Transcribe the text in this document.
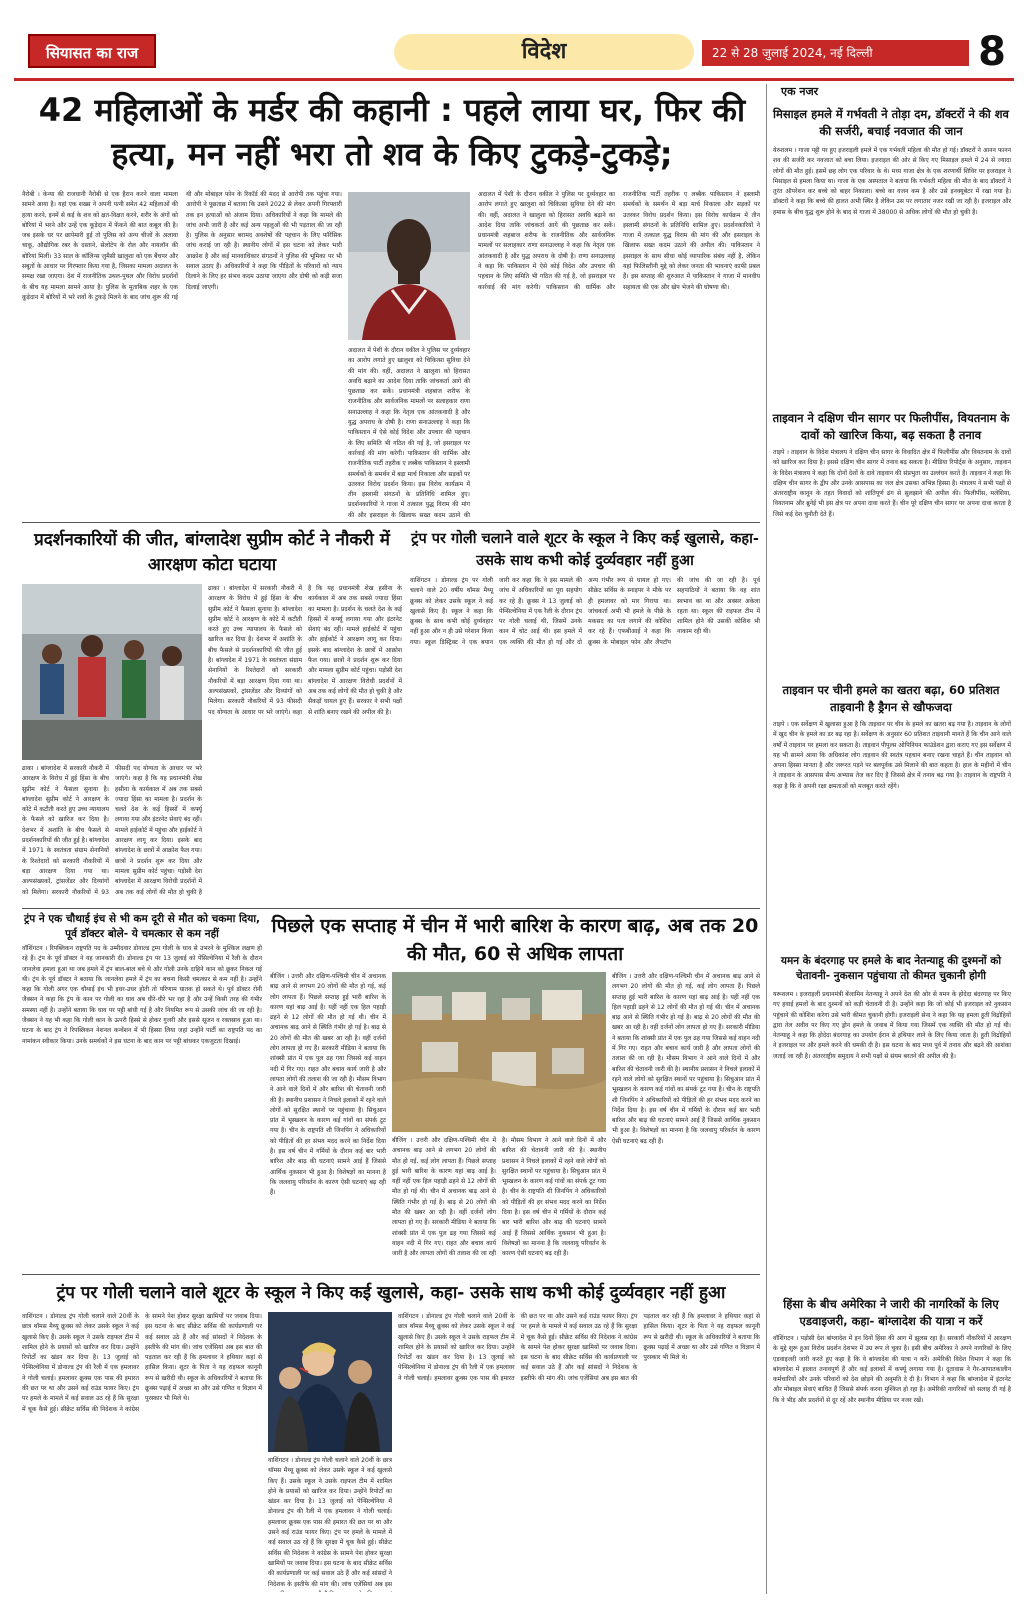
सियासत का राज	विदेश	22 से 28 जुलाई 2024, नई दिल्ली	8
42 महिलाओं के मर्डर की कहानी : पहले लाया घर, फिर की हत्या, मन नहीं भरा तो शव के किए टुकड़े-टुकड़े;
नैरोबी । केन्या की राजधानी नैरोबी से एक हैरान करने वाला मामला सामने आया है। यहां एक शख्स ने अपनी पत्नी समेत 42 महिलाओं की हत्या करने, इनमें से कई के शव को क्षत-विक्षत करने, शरीर के अंगों को बोरियां में भरने और उन्हें एक कूड़ेदान में फेंकने की बात कबूल की है। जब इसके घर पर छापेमारी हुई तो पुलिस को अन्य चीजों के अलावा चाकू, औद्योगिक रबर के दस्ताने, सेलोटेप के रोल और नायलॉन की बोरियां मिलीं। 33 साल के कॉलिन्स जुमैसी खालुशा को एक बैंचपर और सबूतों के आधार पर गिरफ्तार किया गया है, जिसका मामला अदालत के समक्ष रखा जाएगा। देश में राजनीतिक उथल-पुथल और विरोध प्रदर्शनों के बीच यह मामला सामने आया है। पुलिस के मुताबिक शहर के एक कूड़ेदान में बोरियों में भरे शवों के टुकड़े मिलने के बाद जांच शुरू की गई थी और मोबाइल फोन के रिकॉर्ड की मदद से आरोपी तक पहुंचा गया। आरोपी ने पूछताछ में बताया कि उसने 2022 से लेकर अपनी गिरफ्तारी तक इन हत्याओं को अंजाम दिया। अधिकारियों ने कहा कि मामले की जांच अभी जारी है और कई अन्य पहलुओं की भी पड़ताल की जा रही है। पुलिस के अनुसार बरामद अवशेषों की पहचान के लिए फॉरेंसिक जांच कराई जा रही है। स्थानीय लोगों में इस घटना को लेकर भारी आक्रोश है और कई मानवाधिकार संगठनों ने पुलिस की भूमिका पर भी सवाल उठाए हैं। अधिकारियों ने कहा कि पीड़ितों के परिवारों को न्याय दिलाने के लिए हर संभव कदम उठाया जाएगा और दोषी को कड़ी सजा दिलाई जाएगी।
अदालत में पेशी के दौरान वकील ने पुलिस पर दुर्व्यवहार का आरोप लगाते हुए खालुशा को चिकित्सा सुविधा देने की मांग की। वहीं, अदालत ने खालुशा को हिरासत अवधि बढ़ाने का आदेश दिया ताकि जांचकर्ता आगे की पूछताछ कर सकें। प्रधानमंत्री शहबाज शरीफ के राजनीतिक और सार्वजनिक मामलों पर सलाहकार राणा सनाउल्लाह ने कहा कि नेतृत्व एक आंतकवादी है और युद्ध अपराध के दोषी है। राणा सनाउल्लाह ने कहा कि पाकिस्तान में ऐसे कोई विदेश और उपचार की पहचान के लिए समिति भी गठित की गई है, जो इसराइल पर कार्रवाई की मांग करेगी। पाकिस्तान की धार्मिक और राजनीतिक पार्टी तहरीक ए लब्बैक पाकिस्तान ने इस्लामी समर्थकों के समर्थन में बड़ा मार्च निकाला और सड़कों पर उतरकर विरोध प्रदर्शन किया। इस विरोध कार्यक्रम में तीन इस्लामी संगठनों के प्रतिनिधि शामिल हुए। प्रदर्शनकारियों ने गाजा में तत्काल युद्ध विराम की मांग की और इसराइल के खिलाफ सख्त कदम उठाने की
अदालत में पेशी के दौरान वकील ने पुलिस पर दुर्व्यवहार का आरोप लगाते हुए खालुशा को चिकित्सा सुविधा देने की मांग की। वहीं, अदालत ने खालुशा को हिरासत अवधि बढ़ाने का आदेश दिया ताकि जांचकर्ता आगे की पूछताछ कर सकें। प्रधानमंत्री शहबाज शरीफ के राजनीतिक और सार्वजनिक मामलों पर सलाहकार राणा सनाउल्लाह ने कहा कि नेतृत्व एक आंतकवादी है और युद्ध अपराध के दोषी है। राणा सनाउल्लाह ने कहा कि पाकिस्तान में ऐसे कोई विदेश और उपचार की पहचान के लिए समिति भी गठित की गई है, जो इसराइल पर कार्रवाई की मांग करेगी। पाकिस्तान की धार्मिक और राजनीतिक पार्टी तहरीक ए लब्बैक पाकिस्तान ने इस्लामी समर्थकों के समर्थन में बड़ा मार्च निकाला और सड़कों पर उतरकर विरोध प्रदर्शन किया। इस विरोध कार्यक्रम में तीन इस्लामी संगठनों के प्रतिनिधि शामिल हुए। प्रदर्शनकारियों ने गाजा में तत्काल युद्ध विराम की मांग की और इसराइल के खिलाफ सख्त कदम उठाने की अपील की। पाकिस्तान ने इसराइल के साथ सीधा कोई व्यापारिक संबंध नहीं है, लेकिन यहां फिलिस्तीनी मुद्दे को लेकर जनता की भावनाएं काफी प्रबल हैं। इस सप्ताह की शुरुआत में पाकिस्तान ने गाजा में मानवीय सहायता की एक और खेप भेजने की घोषणा की।
प्रदर्शनकारियों की जीत, बांग्लादेश सुप्रीम कोर्ट ने नौकरी में आरक्षण कोटा घटाया
ढाका । बांग्लादेश में सरकारी नौकरी में आरक्षण के विरोध में हुई हिंसा के बीच सुप्रीम कोर्ट ने फैसला सुनाया है। बांग्लादेश सुप्रीम कोर्ट ने आरक्षण के कोटे में कटौती करते हुए उच्च न्यायालय के फैसले को खारिज कर दिया है। देशभर में अशांति के बीच फैसले से प्रदर्शनकारियों की जीत हुई है। बांग्लादेश में 1971 के स्वतंत्रता संग्राम सेनानियों के रिश्तेदारों को सरकारी नौकरियों में बड़ा आरक्षण दिया गया था। अल्पसंख्यकों, ट्रांसजेंडर और दिव्यांगों को मिलेगा। सरकारी नौकरियों में 93 फीसदी पद योग्यता के आधार पर भरे जाएंगे। कहा है कि यह प्रधानमंत्री शेख हसीना के कार्यकाल में अब तक सबसे ज्यादा हिंसा का मामला है। प्रदर्शन के चलते देश के कई हिस्सों में कर्फ्यू लगाया गया और इंटरनेट सेवाएं बंद रहीं। मामले हाईकोर्ट में पहुंचा और हाईकोर्ट ने आरक्षण लागू कर दिया। इसके बाद बांग्लादेश के छात्रों में आक्रोश फैल गया। छात्रों ने प्रदर्शन शुरू कर दिया और मामला सुप्रीम कोर्ट पहुंचा। पड़ोसी देश बांग्लादेश में आरक्षण विरोधी प्रदर्शनों में अब तक कई लोगों की मौत हो चुकी है
ढाका । बांग्लादेश में सरकारी नौकरी में आरक्षण के विरोध में हुई हिंसा के बीच सुप्रीम कोर्ट ने फैसला सुनाया है। बांग्लादेश सुप्रीम कोर्ट ने आरक्षण के कोटे में कटौती करते हुए उच्च न्यायालय के फैसले को खारिज कर दिया है। देशभर में अशांति के बीच फैसले से प्रदर्शनकारियों की जीत हुई है। बांग्लादेश में 1971 के स्वतंत्रता संग्राम सेनानियों के रिश्तेदारों को सरकारी नौकरियों में बड़ा आरक्षण दिया गया था। अल्पसंख्यकों, ट्रांसजेंडर और दिव्यांगों को मिलेगा। सरकारी नौकरियों में 93 फीसदी पद योग्यता के आधार पर भरे जाएंगे। कहा है कि यह प्रधानमंत्री शेख हसीना के कार्यकाल में अब तक सबसे ज्यादा हिंसा का मामला है। प्रदर्शन के चलते देश के कई हिस्सों में कर्फ्यू लगाया गया और इंटरनेट सेवाएं बंद रहीं। मामले हाईकोर्ट में पहुंचा और हाईकोर्ट ने आरक्षण लागू कर दिया। इसके बाद बांग्लादेश के छात्रों में आक्रोश फैल गया। छात्रों ने प्रदर्शन शुरू कर दिया और मामला सुप्रीम कोर्ट पहुंचा। पड़ोसी देश बांग्लादेश में आरक्षण विरोधी प्रदर्शनों में अब तक कई लोगों की मौत हो चुकी है और सैकड़ों घायल हुए हैं। सरकार ने सभी पक्षों से शांति बनाए रखने की अपील की है।
ट्रंप पर गोली चलाने वाले शूटर के स्कूल ने किए कई खुलासे, कहा- उसके साथ कभी कोई दुर्व्यवहार नहीं हुआ
वाशिंगटन । डोनाल्ड ट्रंप पर गोली चलाने वाले 20 वर्षीय थॉमस मैथ्यू क्रूक्स को लेकर उसके स्कूल ने कई खुलासे किए हैं। स्कूल ने कहा कि क्रूक्स के साथ कभी कोई दुर्व्यवहार नहीं हुआ और न ही उसे परेशान किया गया। स्कूल डिस्ट्रिक्ट ने एक बयान जारी कर कहा कि वे इस मामले की जांच में अधिकारियों का पूरा सहयोग कर रहे हैं। क्रूक्स ने 13 जुलाई को पेन्सिल्वेनिया में एक रैली के दौरान ट्रंप पर गोली चलाई थी, जिसमें उनके कान में चोट आई थी। इस हमले में एक व्यक्ति की मौत हो गई और दो अन्य गंभीर रूप से घायल हो गए। सीक्रेट सर्विस के स्नाइपर ने मौके पर ही हमलावर को मार गिराया था। जांचकर्ता अभी भी हमले के पीछे के मकसद का पता लगाने की कोशिश कर रहे हैं। एफबीआई ने कहा कि क्रूक्स के मोबाइल फोन और लैपटॉप की जांच की जा रही है। पूर्व सहपाठियों ने बताया कि वह शांत स्वभाव का था और अक्सर अकेला रहता था। स्कूल की राइफल टीम में शामिल होने की उसकी कोशिश भी नाकाम रही थी।
ट्रंप ने एक चौथाई इंच से भी कम दूरी से मौत को चकमा दिया, पूर्व डॉक्टर बोले- ये चमत्कार से कम नहीं
वॉशिंगटन । रिपब्लिकन राष्ट्रपति पद के उम्मीदवार डोनाल्ड ट्रम्प गोली के घाव से उभरने के मुश्किल लक्षण हो रहे हैं। ट्रंप के पूर्व डॉक्टर ने यह जानकारी दी। डोनाल्ड ट्रंप पर 13 जुलाई को पेंसिल्वेनिया में रैली के दौरान जानलेवा हमला हुआ था जब हमले में ट्रंप बाल-बाल बचे थे और गोली उनके दाहिने कान को छूकर निकल गई थी। ट्रंप के पूर्व डॉक्टर ने बताया कि जानलेवा हमले में ट्रंप का बचना किसी चमत्कार से कम नहीं है। उन्होंने कहा कि गोली अगर एक चौथाई इंच भी इधर-उधर होती तो परिणाम घातक हो सकते थे। पूर्व डॉक्टर रोनी जैक्सन ने कहा कि ट्रंप के कान पर गोली का घाव अब धीरे-धीरे भर रहा है और उन्हें किसी तरह की गंभीर समस्या नहीं है। उन्होंने बताया कि घाव पर पट्टी बांधी गई है और नियमित रूप से उसकी जांच की जा रही है। जैक्सन ने यह भी कहा कि गोली कान के ऊपरी हिस्से से होकर गुजरी और इससे सूजन व रक्तस्राव हुआ था। घटना के बाद ट्रंप ने रिपब्लिकन नेशनल कन्वेंशन में भी हिस्सा लिया जहां उन्होंने पार्टी का राष्ट्रपति पद का नामांकन स्वीकार किया। उनके समर्थकों ने इस घटना के बाद कान पर पट्टी बांधकर एकजुटता दिखाई।
पिछले एक सप्ताह में चीन में भारी बारिश के कारण बाढ़, अब तक 20 की मौत, 60 से अधिक लापता
बीजिंग । उत्तरी और दक्षिण-पश्चिमी चीन में अचानक बाढ़ आने से लगभग 20 लोगों की मौत हो गई, कई लोग लापता हैं। पिछले सप्ताह हुई भारी बारिश के कारण यहां बाढ़ आई है। यहीं नहीं एक हिल पहाड़ी ढहने से 12 लोगों की मौत हो गई थी। चीन में अचानक बाढ़ आने से स्थिति गंभीर हो गई है। बाढ़ से 20 लोगों की मौत की खबर आ रही है। वहीं दर्जनों लोग लापता हो गए हैं। सरकारी मीडिया ने बताया कि शांक्सी प्रांत में एक पुल ढह गया जिससे कई वाहन नदी में गिर गए। राहत और बचाव कार्य जारी है और लापता लोगों की तलाश की जा रही है। मौसम विभाग ने आने वाले दिनों में और बारिश की चेतावनी जारी की है। स्थानीय प्रशासन ने निचले इलाकों में रहने वाले लोगों को सुरक्षित स्थानों पर पहुंचाया है। सिचुआन प्रांत में भूस्खलन के कारण कई गांवों का संपर्क टूट गया है। चीन के राष्ट्रपति शी जिनपिंग ने अधिकारियों को पीड़ितों की हर संभव मदद करने का निर्देश दिया है। इस वर्ष चीन में गर्मियों के दौरान कई बार भारी बारिश और बाढ़ की घटनाएं सामने आई हैं जिससे आर्थिक नुकसान भी हुआ है। विशेषज्ञों का मानना है कि जलवायु परिवर्तन के कारण ऐसी घटनाएं बढ़ रही हैं।
बीजिंग । उत्तरी और दक्षिण-पश्चिमी चीन में अचानक बाढ़ आने से लगभग 20 लोगों की मौत हो गई, कई लोग लापता हैं। पिछले सप्ताह हुई भारी बारिश के कारण यहां बाढ़ आई है। यहीं नहीं एक हिल पहाड़ी ढहने से 12 लोगों की मौत हो गई थी। चीन में अचानक बाढ़ आने से स्थिति गंभीर हो गई है। बाढ़ से 20 लोगों की मौत की खबर आ रही है। वहीं दर्जनों लोग लापता हो गए हैं। सरकारी मीडिया ने बताया कि शांक्सी प्रांत में एक पुल ढह गया जिससे कई वाहन नदी में गिर गए। राहत और बचाव कार्य जारी है और लापता लोगों की तलाश की जा रही है। मौसम विभाग ने आने वाले दिनों में और बारिश की चेतावनी जारी की है। स्थानीय प्रशासन ने निचले इलाकों में रहने वाले लोगों को सुरक्षित स्थानों पर पहुंचाया है। सिचुआन प्रांत में भूस्खलन के कारण कई गांवों का संपर्क टूट गया है। चीन के राष्ट्रपति शी जिनपिंग ने अधिकारियों को पीड़ितों की हर संभव मदद करने का निर्देश दिया है। इस वर्ष चीन में गर्मियों के दौरान कई बार भारी बारिश और बाढ़ की घटनाएं सामने आई हैं जिससे आर्थिक नुकसान भी हुआ है। विशेषज्ञों का मानना है कि जलवायु परिवर्तन के कारण ऐसी घटनाएं बढ़ रही हैं।
बीजिंग । उत्तरी और दक्षिण-पश्चिमी चीन में अचानक बाढ़ आने से लगभग 20 लोगों की मौत हो गई, कई लोग लापता हैं। पिछले सप्ताह हुई भारी बारिश के कारण यहां बाढ़ आई है। यहीं नहीं एक हिल पहाड़ी ढहने से 12 लोगों की मौत हो गई थी। चीन में अचानक बाढ़ आने से स्थिति गंभीर हो गई है। बाढ़ से 20 लोगों की मौत की खबर आ रही है। वहीं दर्जनों लोग लापता हो गए हैं। सरकारी मीडिया ने बताया कि शांक्सी प्रांत में एक पुल ढह गया जिससे कई वाहन नदी में गिर गए। राहत और बचाव कार्य जारी है और लापता लोगों की तलाश की जा रही है। मौसम विभाग ने आने वाले दिनों में और बारिश की चेतावनी जारी की है। स्थानीय प्रशासन ने निचले इलाकों में रहने वाले लोगों को सुरक्षित स्थानों पर पहुंचाया है। सिचुआन प्रांत में भूस्खलन के कारण कई गांवों का संपर्क टूट गया है। चीन के राष्ट्रपति शी जिनपिंग ने अधिकारियों को पीड़ितों की हर संभव मदद करने का निर्देश दिया है। इस वर्ष चीन में गर्मियों के दौरान कई बार भारी बारिश और बाढ़ की घटनाएं सामने आई हैं जिससे आर्थिक नुकसान भी हुआ है। विशेषज्ञों का मानना है कि जलवायु परिवर्तन के कारण ऐसी घटनाएं बढ़ रही हैं।
ट्रंप पर गोली चलाने वाले शूटर के स्कूल ने किए कई खुलासे, कहा- उसके साथ कभी कोई दुर्व्यवहार नहीं हुआ
वाशिंगटन । डोनाल्ड ट्रंप गोली चलाने वाले 20वीं के छात्र थॉमस मैथ्यू क्रूक्स को लेकर उसके स्कूल ने कई खुलासे किए हैं। उसके स्कूल ने उसके राइफल टीम में शामिल होने के प्रयासों को खारिज कर दिया। उन्होंने रिपोर्टों का खंडन कर दिया है। 13 जुलाई को पेन्सिल्वेनिया में डोनाल्ड ट्रंप की रैली में एक हमलावर ने गोली चलाई। हमलावर क्रूक्स एक पास की इमारत की छत पर था और उसने कई राउंड फायर किए। ट्रंप पर हमले के मामले में कई सवाल उठ रहे हैं कि सुरक्षा में चूक कैसे हुई। सीक्रेट सर्विस की निदेशक ने कांग्रेस के सामने पेश होकर सुरक्षा खामियों पर जवाब दिया। इस घटना के बाद सीक्रेट सर्विस की कार्यप्रणाली पर कई सवाल उठे हैं और कई सांसदों ने निदेशक के इस्तीफे की मांग की। जांच एजेंसियां अब इस बात की पड़ताल कर रही हैं कि हमलावर ने हथियार कहां से हासिल किया। शूटर के पिता ने यह राइफल कानूनी रूप से खरीदी थी। स्कूल के अधिकारियों ने बताया कि क्रूक्स पढ़ाई में अच्छा था और उसे गणित व विज्ञान में पुरस्कार भी मिले थे।
वाशिंगटन । डोनाल्ड ट्रंप गोली चलाने वाले 20वीं के छात्र थॉमस मैथ्यू क्रूक्स को लेकर उसके स्कूल ने कई खुलासे किए हैं। उसके स्कूल ने उसके राइफल टीम में शामिल होने के प्रयासों को खारिज कर दिया। उन्होंने रिपोर्टों का खंडन कर दिया है। 13 जुलाई को पेन्सिल्वेनिया में डोनाल्ड ट्रंप की रैली में एक हमलावर ने गोली चलाई। हमलावर क्रूक्स एक पास की इमारत की छत पर था और उसने कई राउंड फायर किए। ट्रंप पर हमले के मामले में कई सवाल उठ रहे हैं कि सुरक्षा में चूक कैसे हुई। सीक्रेट सर्विस की निदेशक ने कांग्रेस के सामने पेश होकर सुरक्षा खामियों पर जवाब दिया। इस घटना के बाद सीक्रेट सर्विस की कार्यप्रणाली पर कई सवाल उठे हैं और कई सांसदों ने निदेशक के इस्तीफे की मांग की। जांच एजेंसियां अब इस
वाशिंगटन । डोनाल्ड ट्रंप गोली चलाने वाले 20वीं के छात्र थॉमस मैथ्यू क्रूक्स को लेकर उसके स्कूल ने कई खुलासे किए हैं। उसके स्कूल ने उसके राइफल टीम में शामिल होने के प्रयासों को खारिज कर दिया। उन्होंने रिपोर्टों का खंडन कर दिया है। 13 जुलाई को पेन्सिल्वेनिया में डोनाल्ड ट्रंप की रैली में एक हमलावर ने गोली चलाई। हमलावर क्रूक्स एक पास की इमारत की छत पर था और उसने कई राउंड फायर किए। ट्रंप पर हमले के मामले में कई सवाल उठ रहे हैं कि सुरक्षा में चूक कैसे हुई। सीक्रेट सर्विस की निदेशक ने कांग्रेस के सामने पेश होकर सुरक्षा खामियों पर जवाब दिया। इस घटना के बाद सीक्रेट सर्विस की कार्यप्रणाली पर कई सवाल उठे हैं और कई सांसदों ने निदेशक के इस्तीफे की मांग की। जांच एजेंसियां अब इस बात की पड़ताल कर रही हैं कि हमलावर ने हथियार कहां से हासिल किया। शूटर के पिता ने यह राइफल कानूनी रूप से खरीदी थी। स्कूल के अधिकारियों ने बताया कि क्रूक्स पढ़ाई में अच्छा था और उसे गणित व विज्ञान में पुरस्कार भी मिले थे।
एक नजर
मिसाइल हमले में गर्भवती ने तोड़ा दम, डॉक्टरों ने की शव की सर्जरी, बचाई नवजात की जान
येरुशलम । गाजा पट्टी पर हुए इजराइली हमले में एक गर्भवती महिला की मौत हो गई। डॉक्टरों ने आनन फानन शव की सर्जरी कर नवजात को बचा लिया। इजराइल की ओर से किए गए मिसाइल हमले में 24 से ज्यादा लोगों की मौत हुई। इसमें छह लोग एक परिवार के थे। मध्य गाजा क्षेत्र के एक शरणार्थी शिविर पर इजराइल ने मिसाइल से हमला किया था। गाजा के एक अस्पताल ने बताया कि गर्भवती महिला की मौत के बाद डॉक्टरों ने तुरंत ऑपरेशन कर बच्चे को बाहर निकाला। बच्चे का वजन कम है और उसे इनक्यूबेटर में रखा गया है। डॉक्टरों ने कहा कि बच्चे की हालत अभी स्थिर है लेकिन उस पर लगातार नजर रखी जा रही है। इजराइल और हमास के बीच युद्ध शुरू होने के बाद से गाजा में 38000 से अधिक लोगों की मौत हो चुकी है।
ताइवान ने दक्षिण चीन सागर पर फिलीपींस, वियतनाम के दावों को खारिज किया, बढ़ सकता है तनाव
ताइपे । ताइवान के विदेश मंत्रालय ने दक्षिण चीन सागर के विवादित क्षेत्र में फिलीपींस और वियतनाम के दावों को खारिज कर दिया है। इससे दक्षिण चीन सागर में तनाव बढ़ सकता है। मीडिया रिपोर्ट्स के अनुसार, ताइवान के विदेश मंत्रालय ने कहा कि दोनों देशों के दावे ताइवान की संप्रभुता का उल्लंघन करते हैं। ताइवान ने कहा कि दक्षिण चीन सागर के द्वीप और उनके आसपास का जल क्षेत्र उसका अभिन्न हिस्सा है। मंत्रालय ने सभी पक्षों से अंतरराष्ट्रीय कानून के तहत विवादों को शांतिपूर्ण ढंग से सुलझाने की अपील की। फिलीपींस, मलेशिया, वियतनाम और ब्रुनेई भी इस क्षेत्र पर अपना दावा करते हैं। चीन पूरे दक्षिण चीन सागर पर अपना दावा करता है जिसे कई देश चुनौती देते हैं।
ताइवान पर चीनी हमले का खतरा बढ़ा, 60 प्रतिशत ताइवानी है ड्रैगन से खौफजदा
ताइपे । एक सर्वेक्षण में खुलासा हुआ है कि ताइवान पर चीन के हमले का खतरा बढ़ गया है। ताइवान के लोगों में खुद चीन के हमले का डर बढ़ रहा है। सर्वेक्षण के अनुसार 60 प्रतिशत ताइवानी मानते हैं कि चीन आने वाले वर्षों में ताइवान पर हमला कर सकता है। ताइवान पीपुल्स ओपिनियन फाउंडेशन द्वारा कराए गए इस सर्वेक्षण में यह भी सामने आया कि अधिकांश लोग ताइवान की स्वतंत्र पहचान बनाए रखना चाहते हैं। चीन ताइवान को अपना हिस्सा मानता है और जरूरत पड़ने पर बलपूर्वक उसे मिलाने की बात कहता है। हाल के महीनों में चीन ने ताइवान के आसपास सैन्य अभ्यास तेज कर दिए हैं जिससे क्षेत्र में तनाव बढ़ गया है। ताइवान के राष्ट्रपति ने कहा है कि वे अपनी रक्षा क्षमताओं को मजबूत करते रहेंगे।
यमन के बंदरगाह पर हमले के बाद नेतन्याहू की दुश्मनों को चेतावनी- नुकसान पहुंचाया तो कीमत चुकानी होगी
यरूशलम । इजराइली प्रधानमंत्री बेंजामिन नेतन्याहू ने अपने देश की ओर से यमन के होदेदा बंदरगाह पर किए गए हवाई हमलों के बाद दुश्मनों को कड़ी चेतावनी दी है। उन्होंने कहा कि जो कोई भी इजराइल को नुकसान पहुंचाने की कोशिश करेगा उसे भारी कीमत चुकानी होगी। इजराइली सेना ने कहा कि यह हमला हूती विद्रोहियों द्वारा तेल अवीव पर किए गए ड्रोन हमले के जवाब में किया गया जिसमें एक व्यक्ति की मौत हो गई थी। नेतन्याहू ने कहा कि होदेदा बंदरगाह का उपयोग ईरान से हथियार लाने के लिए किया जाता है। हूती विद्रोहियों ने इजराइल पर और हमले करने की धमकी दी है। इस घटना के बाद मध्य पूर्व में तनाव और बढ़ने की आशंका जताई जा रही है। अंतरराष्ट्रीय समुदाय ने सभी पक्षों से संयम बरतने की अपील की है।
हिंसा के बीच अमेरिका ने जारी की नागरिकों के लिए एडवाइजरी, कहा- बांग्लादेश की यात्रा न करें
वॉशिंगटन । पड़ोसी देश बांग्लादेश में इन दिनों हिंसा की आग में झुलस रहा है। सरकारी नौकरियों में आरक्षण के मुद्दे शुरू हुआ विरोध प्रदर्शन देशभर में उग्र रूप ले चुका है। इसी बीच अमेरिका ने अपने नागरिकों के लिए एडवाइजरी जारी करते हुए कहा है कि वे बांग्लादेश की यात्रा न करें। अमेरिकी विदेश विभाग ने कहा कि बांग्लादेश में हालात तनावपूर्ण हैं और कई इलाकों में कर्फ्यू लगाया गया है। दूतावास ने गैर-आपातकालीन कर्मचारियों और उनके परिवारों को देश छोड़ने की अनुमति दे दी है। विभाग ने कहा कि बांग्लादेश में इंटरनेट और मोबाइल सेवाएं बाधित हैं जिससे संपर्क करना मुश्किल हो रहा है। अमेरिकी नागरिकों को सलाह दी गई है कि वे भीड़ और प्रदर्शनों से दूर रहें और स्थानीय मीडिया पर नजर रखें।
